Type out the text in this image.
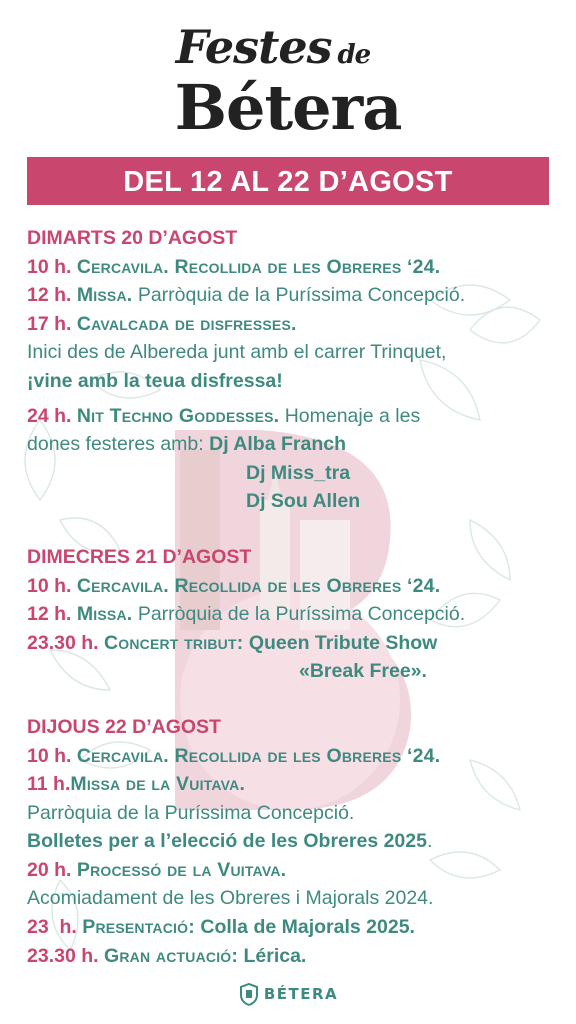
Festes de
Bétera
DEL 12 AL 22 D’AGOST
DIMARTS 20 D’AGOST
10 h. Cercavila. Recollida de les Obreres ‘24.
12 h. Missa. Parròquia de la Puríssima Concepció.
17 h. Cavalcada de disfresses.
Inici des de Albereda junt amb el carrer Trinquet,
¡vine amb la teua disfressa!
24 h. Nit Techno Goddesses. Homenaje a les
dones festeres amb: Dj Alba Franch
Dj Miss_tra
Dj Sou Allen
DIMECRES 21 D’AGOST
10 h. Cercavila. Recollida de les Obreres ‘24.
12 h. Missa. Parròquia de la Puríssima Concepció.
23.30 h. Concert tribut: Queen Tribute Show
«Break Free».
DIJOUS 22 D’AGOST
10 h. Cercavila. Recollida de les Obreres ‘24.
11 h.Missa de la Vuitava.
Parròquia de la Puríssima Concepció.
Bolletes per a l’elecció de les Obreres 2025.
20 h. Processó de la Vuitava.
Acomiadament de les Obreres i Majorals 2024.
23  h. Presentació: Colla de Majorals 2025.
23.30 h. Gran actuació: Lérica.
BÉTERA
